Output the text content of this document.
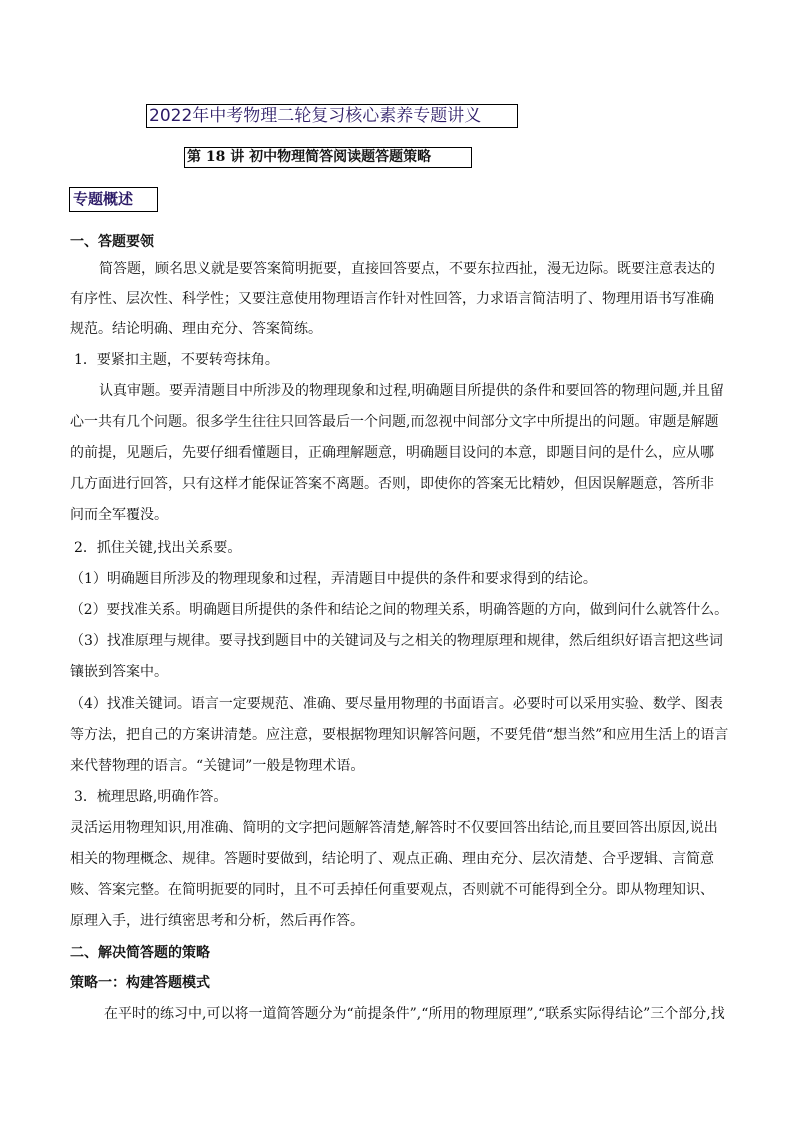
2022年中考物理二轮复习核心素养专题讲义
第 18 讲 初中物理简答阅读题答题策略
专题概述
一、答题要领
简答题，顾名思义就是要答案简明扼要，直接回答要点，不要东拉西扯，漫无边际。既要注意表达的
有序性、层次性、科学性；又要注意使用物理语言作针对性回答，力求语言简洁明了、物理用语书写准确
规范。结论明确、理由充分、答案简练。
1．要紧扣主题，不要转弯抹角。
认真审题。要弄清题目中所涉及的物理现象和过程,明确题目所提供的条件和要回答的物理问题,并且留
心一共有几个问题。很多学生往往只回答最后一个问题,而忽视中间部分文字中所提出的问题。审题是解题
的前提，见题后，先要仔细看懂题目，正确理解题意，明确题目设问的本意，即题目问的是什么，应从哪
几方面进行回答，只有这样才能保证答案不离题。否则，即使你的答案无比精妙，但因误解题意，答所非
问而全军覆没。
2．抓住关键,找出关系要。
（1）明确题目所涉及的物理现象和过程，弄清题目中提供的条件和要求得到的结论。
（2）要找准关系。明确题目所提供的条件和结论之间的物理关系，明确答题的方向，做到问什么就答什么。
（3）找准原理与规律。要寻找到题目中的关键词及与之相关的物理原理和规律，然后组织好语言把这些词
镶嵌到答案中。
（4）找准关键词。语言一定要规范、准确、要尽量用物理的书面语言。必要时可以采用实验、数学、图表
等方法，把自己的方案讲清楚。应注意，要根据物理知识解答问题，不要凭借“想当然”和应用生活上的语言
来代替物理的语言。“关键词”一般是物理术语。
3．梳理思路,明确作答。
灵活运用物理知识,用准确、简明的文字把问题解答清楚,解答时不仅要回答出结论,而且要回答出原因,说出
相关的物理概念、规律。答题时要做到，结论明了、观点正确、理由充分、层次清楚、合乎逻辑、言简意
赅、答案完整。在简明扼要的同时，且不可丢掉任何重要观点，否则就不可能得到全分。即从物理知识、
原理入手，进行缜密思考和分析，然后再作答。
二、解决简答题的策略
策略一：构建答题模式
在平时的练习中,可以将一道简答题分为“前提条件”,“所用的物理原理”,“联系实际得结论”三个部分,找
